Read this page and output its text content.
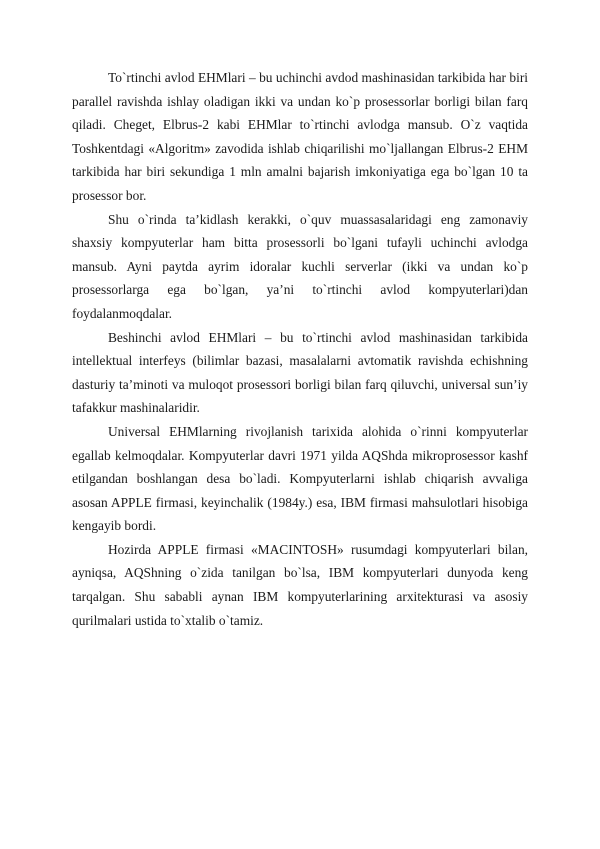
To`rtinchi avlod EHMlari – bu uchinchi avdod mashinasidan tarkibida har biri parallel ravishda ishlay oladigan ikki va undan ko`p prosessorlar borligi bilan farq qiladi. Cheget, Elbrus-2 kabi EHMlar to`rtinchi avlodga mansub. O`z vaqtida Toshkentdagi «Algoritm» zavodida ishlab chiqarilishi mo`ljallangan Elbrus-2 EHM tarkibida har biri sekundiga 1 mln amalni bajarish imkoniyatiga ega bo`lgan 10 ta prosessor bor.

Shu o`rinda ta’kidlash kerakki, o`quv muassasalaridagi eng zamonaviy shaxsiy kompyuterlar ham bitta prosessorli bo`lgani tufayli uchinchi avlodga mansub. Ayni paytda ayrim idoralar kuchli serverlar (ikki va undan ko`p prosessorlarga ega bo`lgan, ya’ni to`rtinchi avlod kompyuterlari)dan foydalanmoqdalar.

Beshinchi avlod EHMlari – bu to`rtinchi avlod mashinasidan tarkibida intellektual interfeys (bilimlar bazasi, masalalarni avtomatik ravishda echishning dasturiy ta’minoti va muloqot prosessori borligi bilan farq qiluvchi, universal sun’iy tafakkur mashinalaridir.

Universal EHMlarning rivojlanish tarixida alohida o`rinni kompyuterlar egallab kelmoqdalar. Kompyuterlar davri 1971 yilda AQShda mikroprosessor kashf etilgandan boshlangan desa bo`ladi. Kompyuterlarni ishlab chiqarish avvaliga asosan APPLE firmasi, keyinchalik (1984y.) esa, IBM firmasi mahsulotlari hisobiga kengayib bordi.

Hozirda APPLE firmasi «MACINTOSH» rusumdagi kompyuterlari bilan, ayniqsa, AQShning o`zida tanilgan bo`lsa, IBM kompyuterlari dunyoda keng tarqalgan. Shu sababli aynan IBM kompyuterlarining arxitekturasi va asosiy qurilmalari ustida to`xtalib o`tamiz.
